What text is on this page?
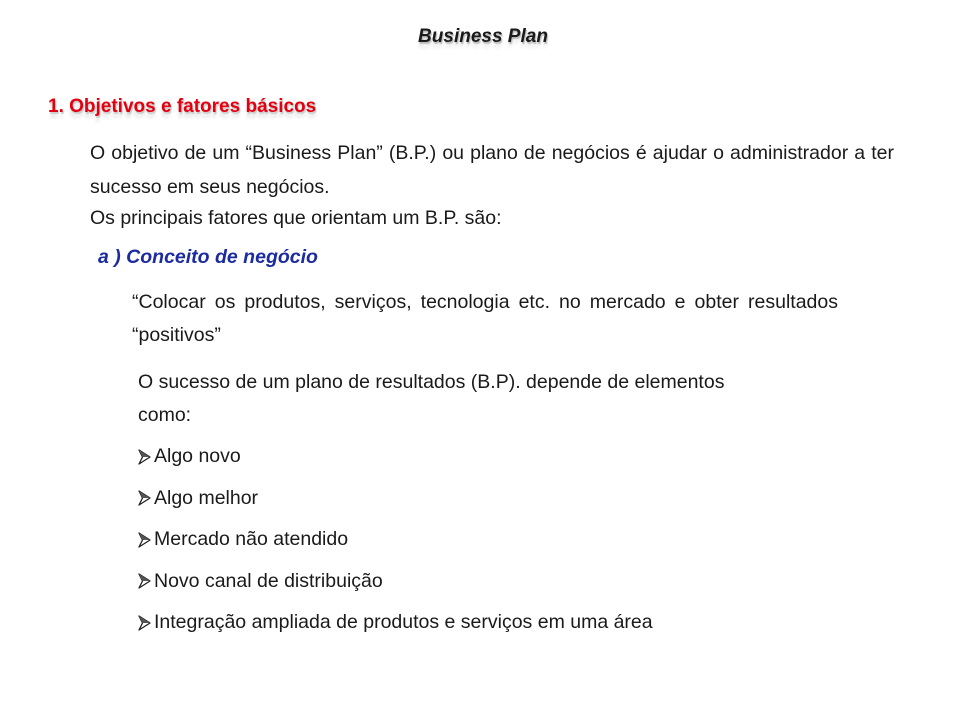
Business Plan
1. Objetivos e fatores básicos
O objetivo de um “Business Plan” (B.P.) ou plano de negócios é ajudar o administrador a ter sucesso em seus negócios.
Os principais fatores que orientam um B.P. são:
a ) Conceito de negócio
“Colocar os produtos, serviços, tecnologia etc. no mercado e obter resultados “positivos”
O sucesso de um plano de resultados (B.P). depende de elementos como:
Algo novo
Algo melhor
Mercado não atendido
Novo canal de distribuição
Integração ampliada de produtos e serviços em uma área
